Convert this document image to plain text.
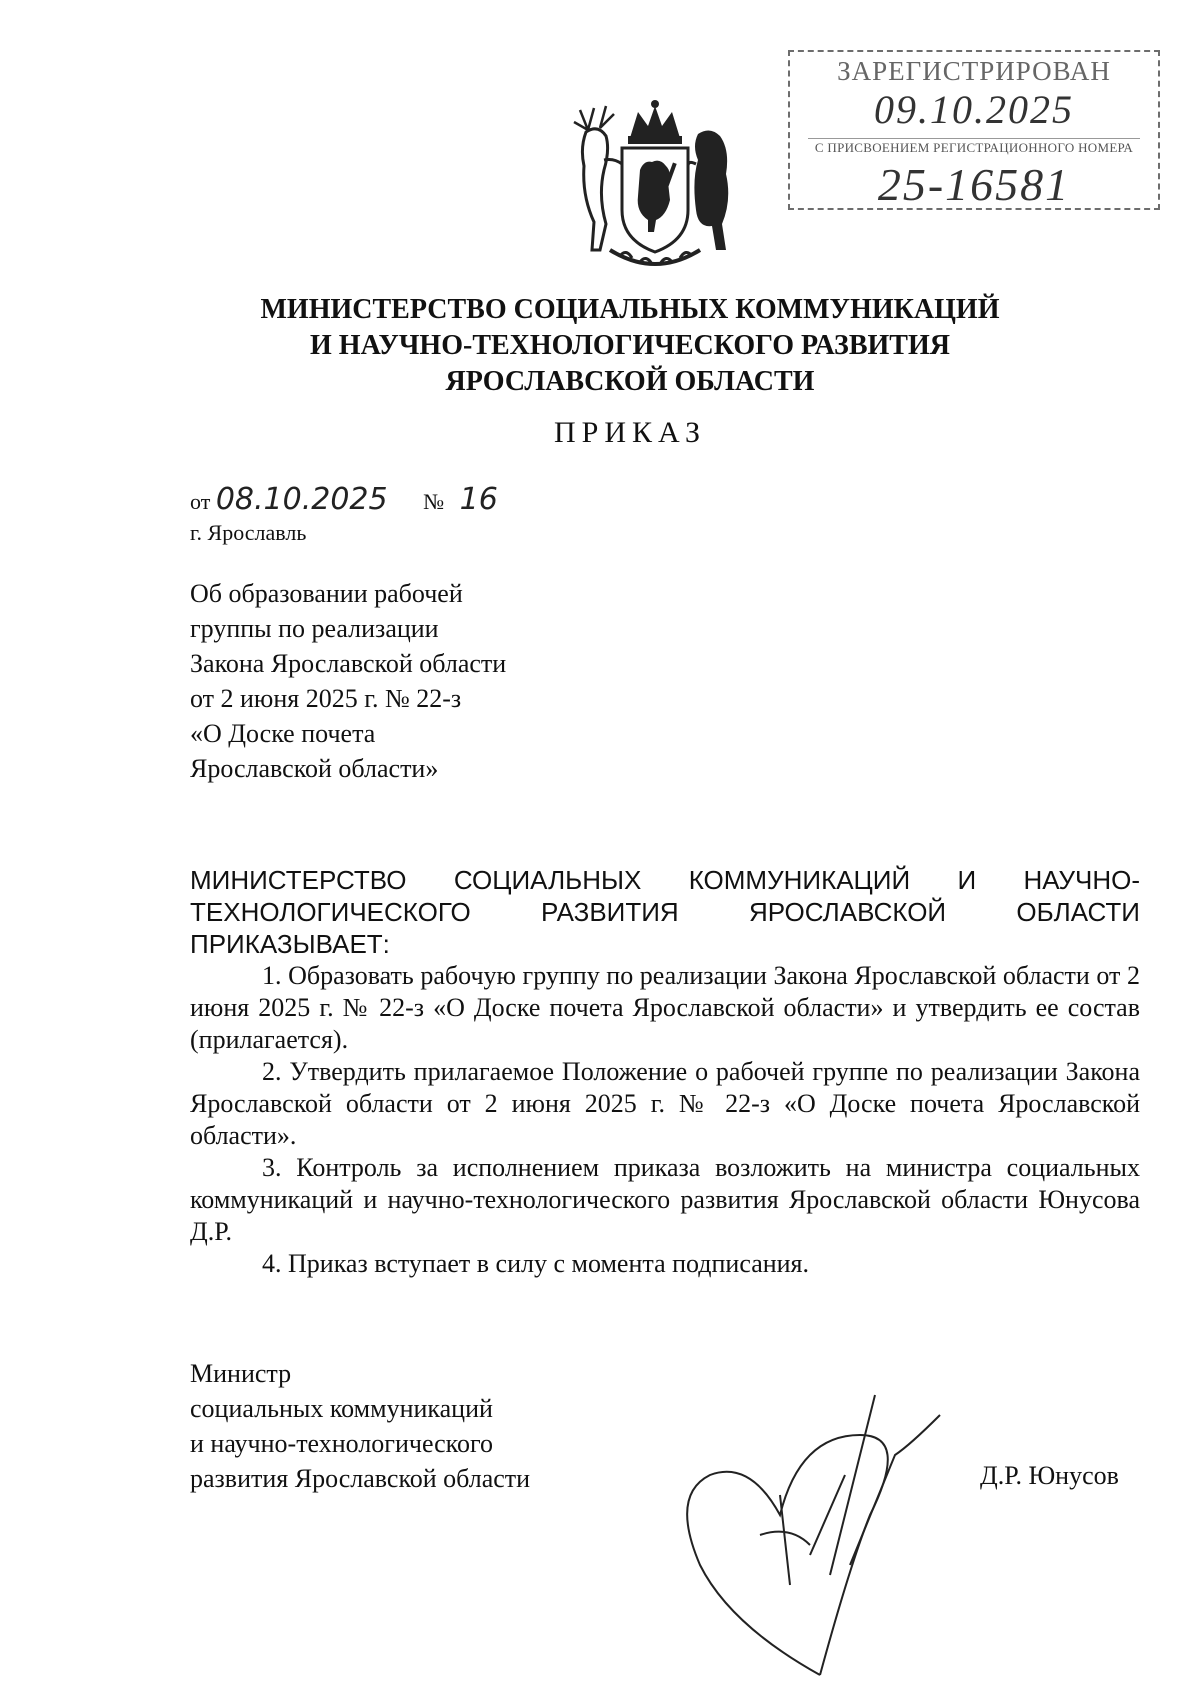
ЗАРЕГИСТРИРОВАН
09.10.2025
С ПРИСВОЕНИЕМ РЕГИСТРАЦИОННОГО НОМЕРА
25-16581
МИНИСТЕРСТВО СОЦИАЛЬНЫХ КОММУНИКАЦИЙ
И НАУЧНО-ТЕХНОЛОГИЧЕСКОГО РАЗВИТИЯ
ЯРОСЛАВСКОЙ ОБЛАСТИ
ПРИКАЗ
от 08.10.2025 № 16
г. Ярославль
Об образовании рабочей
группы по реализации
Закона Ярославской области
от 2 июня 2025 г. № 22-з
«О Доске почета
Ярославской области»

МИНИСТЕРСТВО СОЦИАЛЬНЫХ КОММУНИКАЦИЙ И НАУЧНО-ТЕХНОЛОГИЧЕСКОГО РАЗВИТИЯ ЯРОСЛАВСКОЙ ОБЛАСТИ ПРИКАЗЫВАЕТ:

1. Образовать рабочую группу по реализации Закона Ярославской области от 2 июня 2025 г. № 22-з «О Доске почета Ярославской области» и утвердить ее состав (прилагается).

2. Утвердить прилагаемое Положение о рабочей группе по реализации Закона Ярославской области от 2 июня 2025 г. № 22-з «О Доске почета Ярославской области».

3. Контроль за исполнением приказа возложить на министра социальных коммуникаций и научно-технологического развития Ярославской области Юнусова Д.Р.

4. Приказ вступает в силу с момента подписания.

Министр
социальных коммуникаций
и научно-технологического
развития Ярославской области	Д.Р. Юнусов
